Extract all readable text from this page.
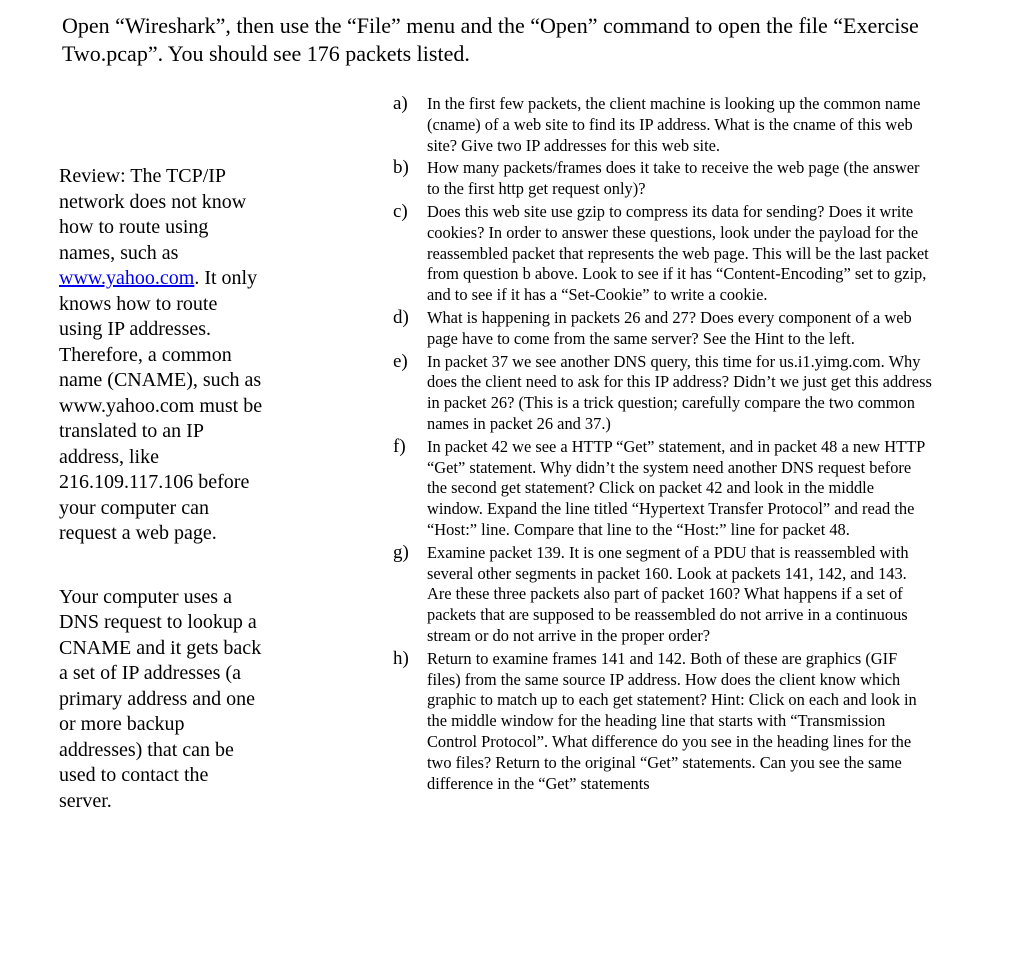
Open “Wireshark”, then use the “File” menu and the “Open” command to open the file “Exercise Two.pcap”. You should see 176 packets listed.

Review: The TCP/IP network does not know how to route using names, such as www.yahoo.com. It only knows how to route using IP addresses. Therefore, a common name (CNAME), such as www.yahoo.com must be translated to an IP address, like 216.109.117.106 before your computer can request a web page.

Your computer uses a DNS request to lookup a CNAME and it gets back a set of IP addresses (a primary address and one or more backup addresses) that can be used to contact the server.

a) In the first few packets, the client machine is looking up the common name (cname) of a web site to find its IP address. What is the cname of this web site? Give two IP addresses for this web site.
b) How many packets/frames does it take to receive the web page (the answer to the first http get request only)?
c) Does this web site use gzip to compress its data for sending? Does it write cookies? In order to answer these questions, look under the payload for the reassembled packet that represents the web page. This will be the last packet from question b above. Look to see if it has “Content-Encoding” set to gzip, and to see if it has a “Set-Cookie” to write a cookie.
d) What is happening in packets 26 and 27? Does every component of a web page have to come from the same server? See the Hint to the left.
e) In packet 37 we see another DNS query, this time for us.i1.yimg.com. Why does the client need to ask for this IP address? Didn’t we just get this address in packet 26? (This is a trick question; carefully compare the two common names in packet 26 and 37.)
f) In packet 42 we see a HTTP “Get” statement, and in packet 48 a new HTTP “Get” statement. Why didn’t the system need another DNS request before the second get statement? Click on packet 42 and look in the middle window. Expand the line titled “Hypertext Transfer Protocol” and read the “Host:” line. Compare that line to the “Host:” line for packet 48.
g) Examine packet 139. It is one segment of a PDU that is reassembled with several other segments in packet 160. Look at packets 141, 142, and 143. Are these three packets also part of packet 160? What happens if a set of packets that are supposed to be reassembled do not arrive in a continuous stream or do not arrive in the proper order?
h) Return to examine frames 141 and 142. Both of these are graphics (GIF files) from the same source IP address. How does the client know which graphic to match up to each get statement? Hint: Click on each and look in the middle window for the heading line that starts with “Transmission Control Protocol”. What difference do you see in the heading lines for the two files? Return to the original “Get” statements. Can you see the same difference in the “Get” statements
